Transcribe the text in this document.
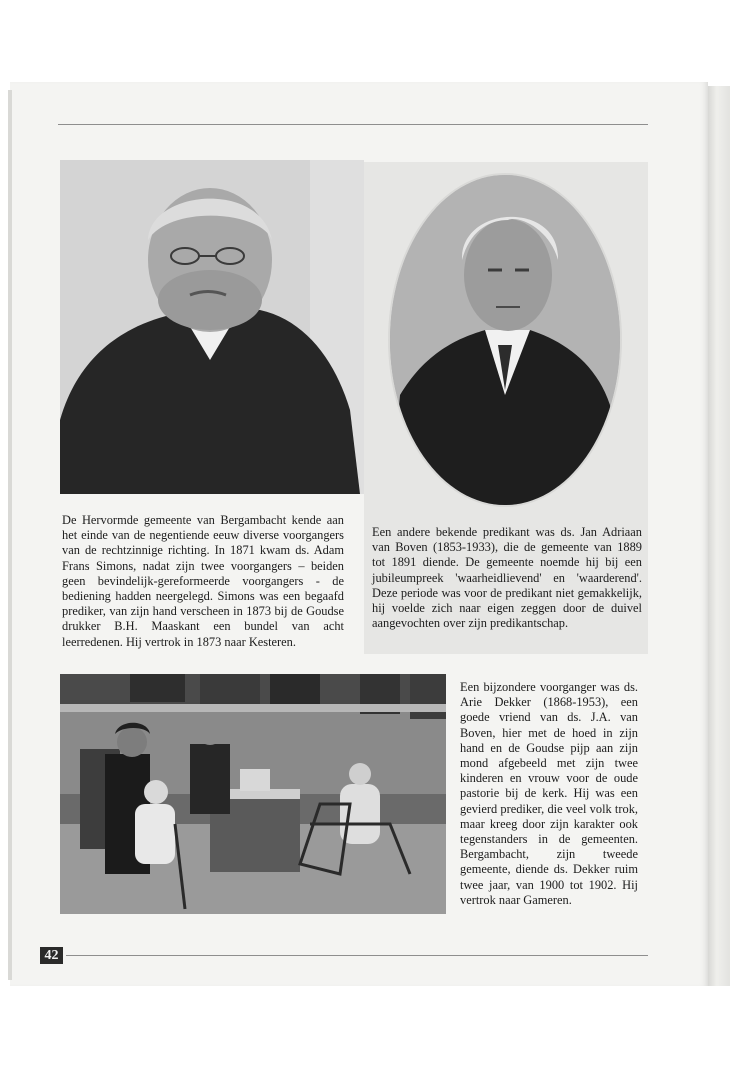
De Hervormde gemeente van Bergambacht kende aan het einde van de negentiende eeuw diverse voorgangers van de rechtzinnige richting. In 1871 kwam ds. Adam Frans Simons, nadat zijn twee voorgangers – beiden geen bevindelijk-gereformeerde voorgangers - de bediening hadden neergelegd. Simons was een begaafd prediker, van zijn hand verscheen in 1873 bij de Goudse drukker B.H. Maaskant een bundel van acht leerredenen. Hij vertrok in 1873 naar Kesteren.

Een andere bekende predikant was ds. Jan Adriaan van Boven (1853-1933), die de gemeente van 1889 tot 1891 diende. De gemeente noemde hij bij een jubileumpreek 'waarheidlievend' en 'waarderend'. Deze periode was voor de predikant niet gemakkelijk, hij voelde zich naar eigen zeggen door de duivel aangevochten over zijn predikantschap.

Een bijzondere voorganger was ds. Arie Dekker (1868-1953), een goede vriend van ds. J.A. van Boven, hier met de hoed in zijn hand en de Goudse pijp aan zijn mond afgebeeld met zijn twee kinderen en vrouw voor de oude pastorie bij de kerk. Hij was een gevierd prediker, die veel volk trok, maar kreeg door zijn karakter ook tegenstanders in de gemeenten. Bergambacht, zijn tweede gemeente, diende ds. Dekker ruim twee jaar, van 1900 tot 1902. Hij vertrok naar Gameren.

42
